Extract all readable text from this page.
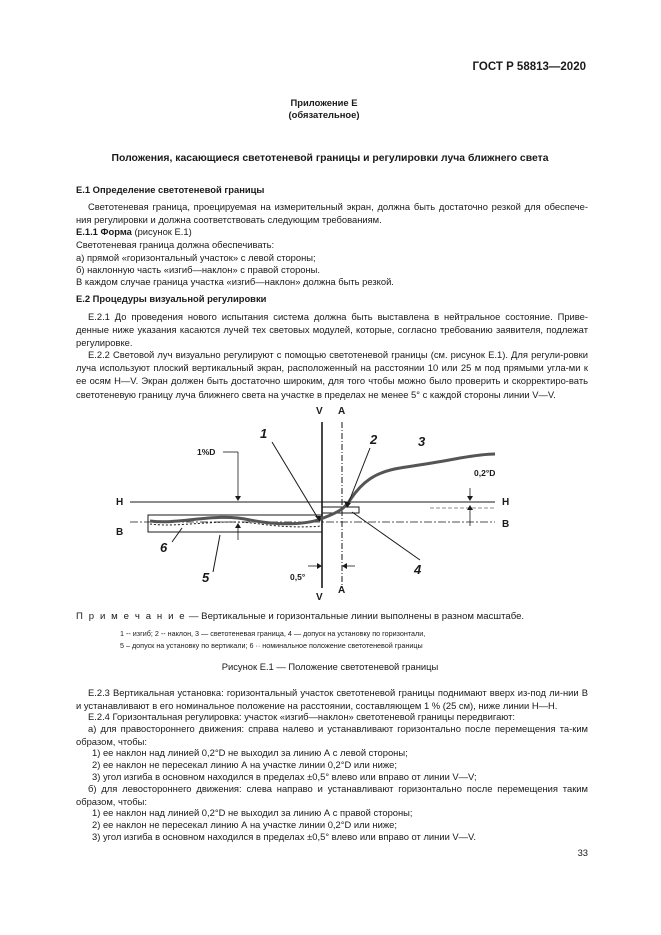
ГОСТ Р 58813—2020
Приложение Е
(обязательное)
Положения, касающиеся светотеневой границы и регулировки луча ближнего света
Е.1 Определение светотеневой границы
Светотеневая граница, проецируемая на измерительный экран, должна быть достаточно резкой для обеспече-ния регулировки и должна соответствовать следующим требованиям.
Е.1.1 Форма (рисунок Е.1)
Светотеневая граница должна обеспечивать:
а) прямой «горизонтальный участок» с левой стороны;
б) наклонную часть «изгиб—наклон» с правой стороны.
В каждом случае граница участка «изгиб—наклон» должна быть резкой.
Е.2 Процедуры визуальной регулировки
Е.2.1 До проведения нового испытания система должна быть выставлена в нейтральное состояние. Приве-денные ниже указания касаются лучей тех световых модулей, которые, согласно требованию заявителя, подлежат регулировке.
Е.2.2 Световой луч визуально регулируют с помощью светотеневой границы (см. рисунок Е.1). Для регули-ровки луча используют плоский вертикальный экран, расположенный на расстоянии 10 или 25 м под прямыми угла-ми к ее осям Н—V. Экран должен быть достаточно широким, для того чтобы можно было проверить и скорректиро-вать светотеневую границу луча ближнего света на участке в пределах не менее 5° с каждой стороны линии V—V.
V A
V
A
H	H
B
B
1%D
0,2°D
0,5°
1	2	3
4
5
6
П р и м е ч а н и е — Вертикальные и горизонтальные линии выполнены в разном масштабе.
1 -- изгиб; 2 -- наклон, 3 — светотеневая граница, 4 — допуск на установку по горизонтали,
5 – допуск на установку по вертикали; 6 ·· номинальное положение светотеневой границы
Рисунок Е.1 — Положение светотеневой границы
Е.2.3 Вертикальная установка: горизонтальный участок светотеневой границы поднимают вверх из-под ли-нии В и устанавливают в его номинальное положение на расстоянии, составляющем 1 % (25 см), ниже линии Н—Н.
Е.2.4 Горизонтальная регулировка: участок «изгиб—наклон» светотеневой границы передвигают:
а) для правостороннего движения: справа налево и устанавливают горизонтально после перемещения та-ким образом, чтобы:
1) ее наклон над линией 0,2°D не выходил за линию А с левой стороны;
2) ее наклон не пересекал линию А на участке линии 0,2°D или ниже;
3) угол изгиба в основном находился в пределах ±0,5° влево или вправо от линии V—V;
б) для левостороннего движения: слева направо и устанавливают горизонтально после перемещения таким образом, чтобы:
1) ее наклон над линией 0,2°D не выходил за линию А с правой стороны;
2) ее наклон не пересекал линию А на участке линии 0,2°D или ниже;
3) угол изгиба в основном находился в пределах ±0,5° влево или вправо от линии V—V.
33
